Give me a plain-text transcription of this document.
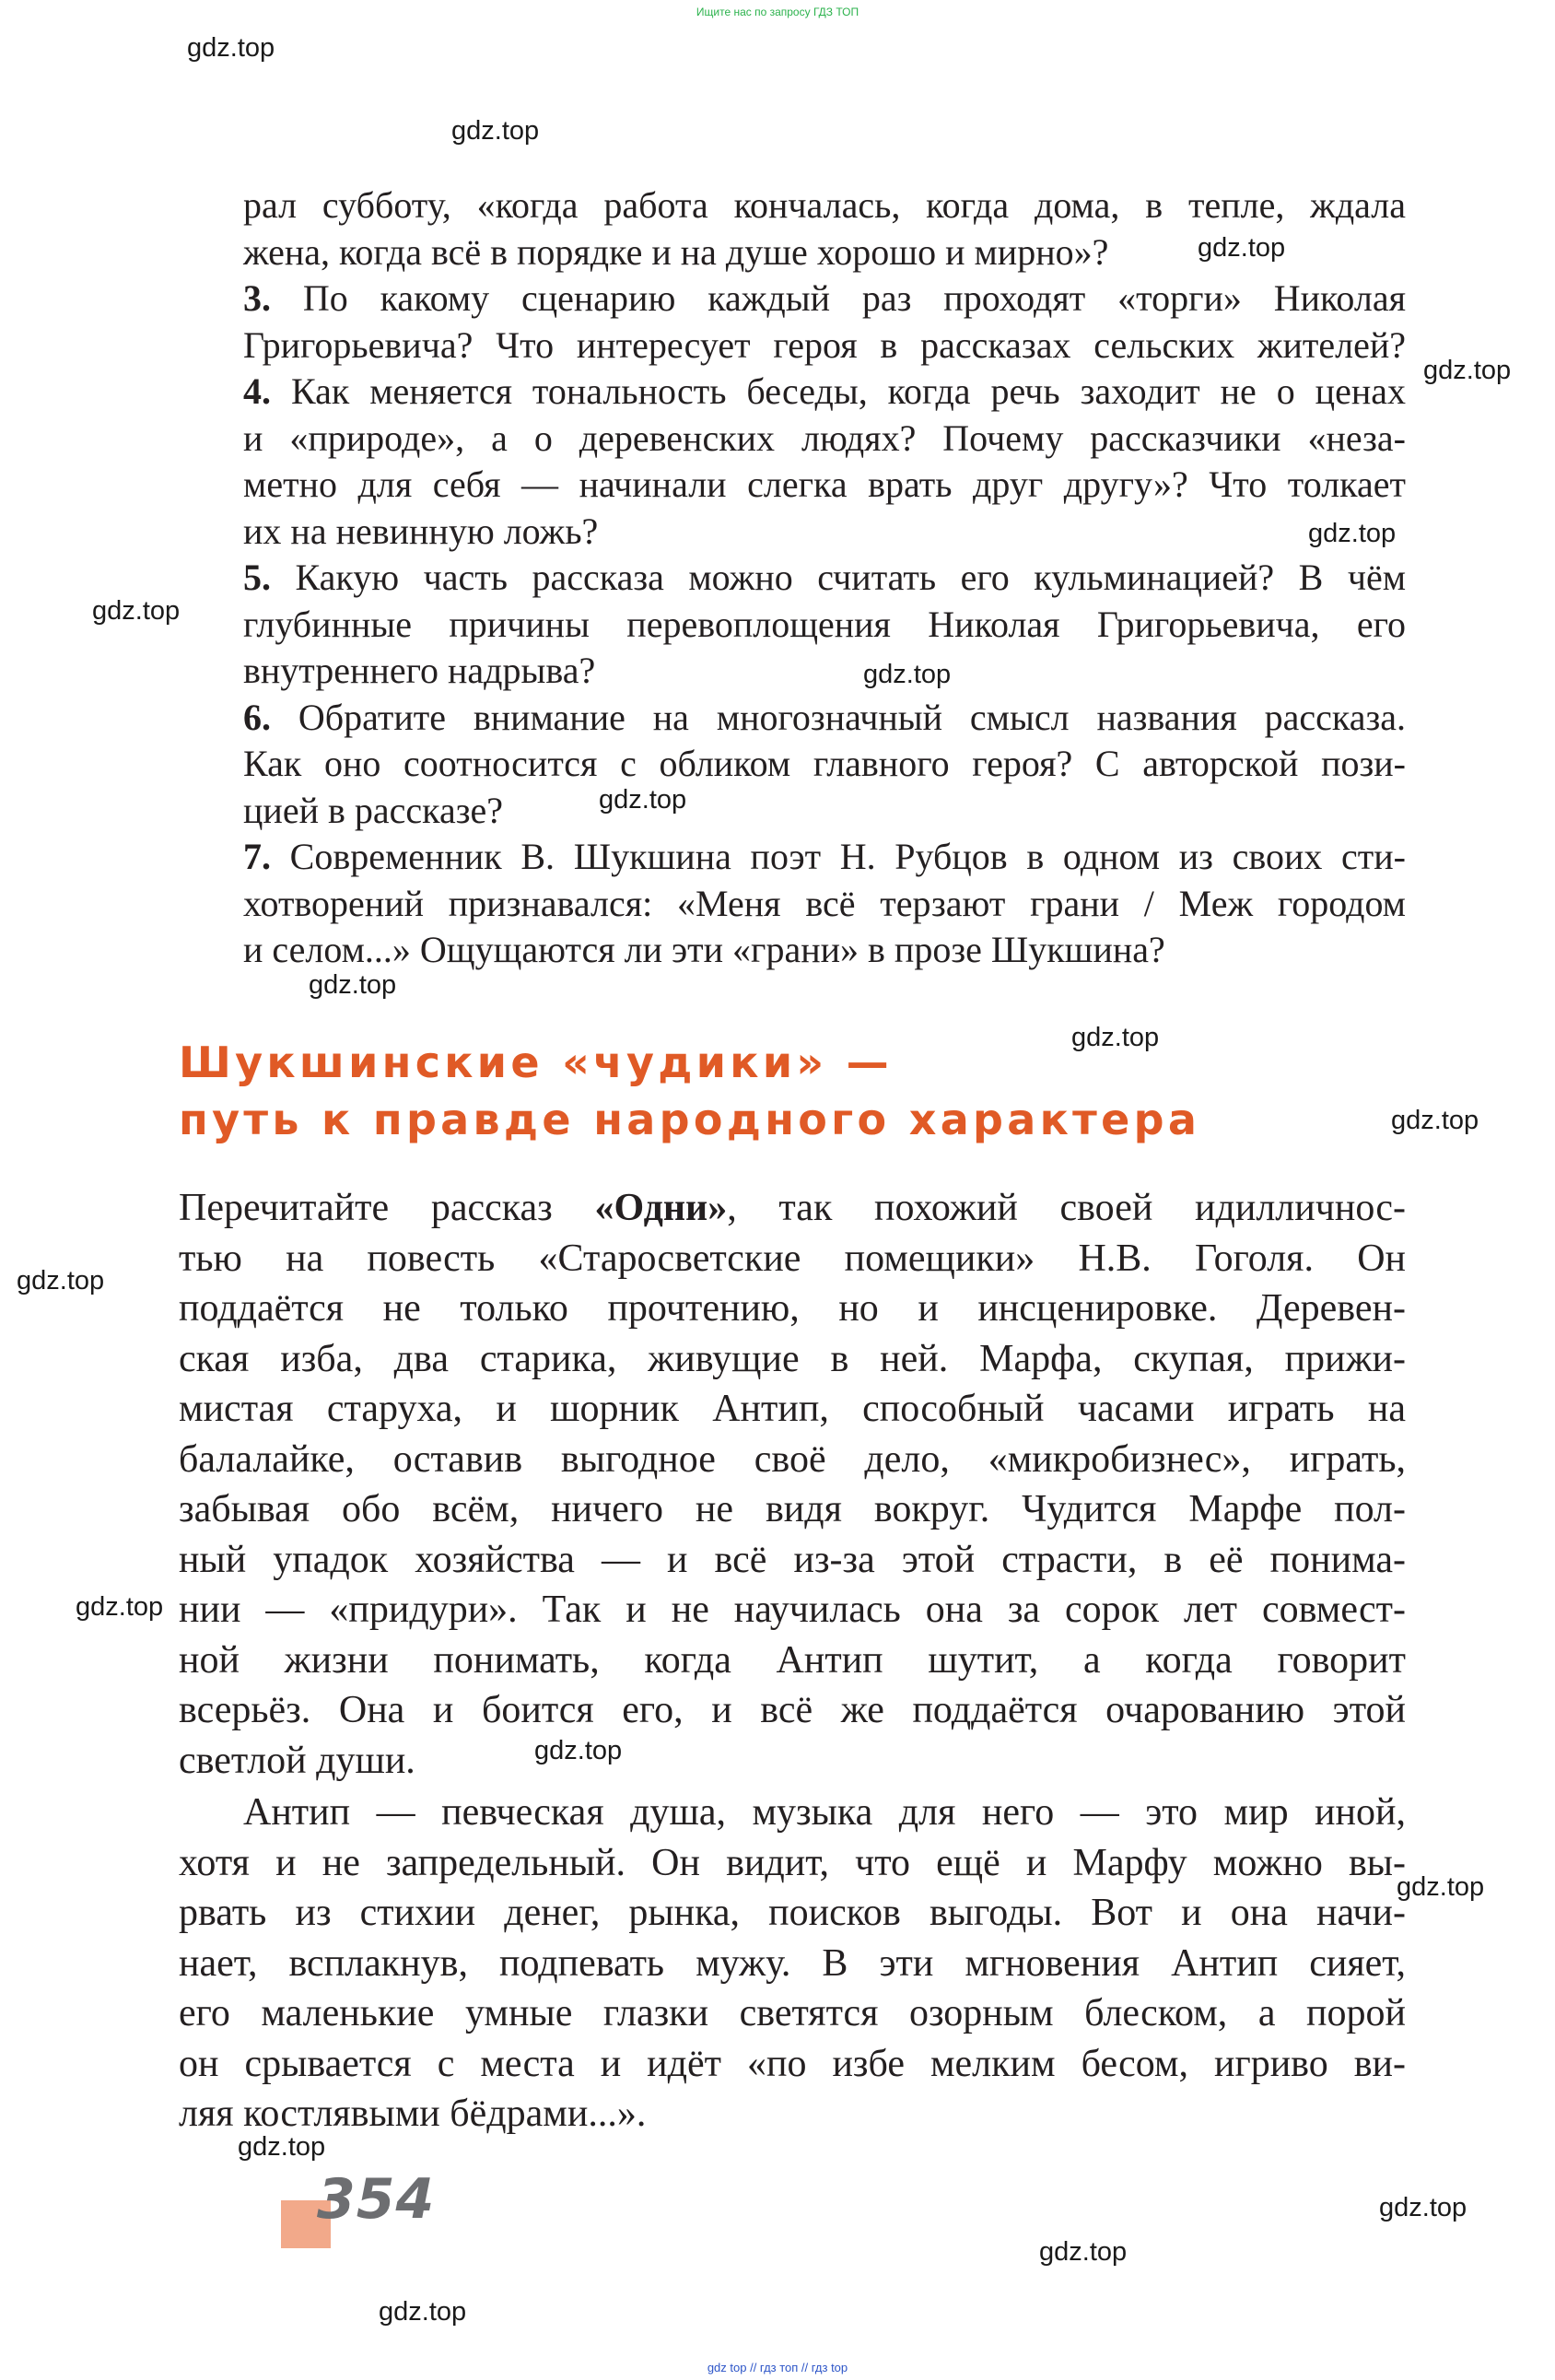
Ищите нас по запросу ГДЗ ТОП
рал субботу, «когда работа кончалась, когда дома, в тепле, ждала
жена, когда всё в порядке и на душе хорошо и мирно»?
3. По какому сценарию каждый раз проходят «торги» Николая
Григорьевича? Что интересует героя в рассказах сельских жителей?
4. Как меняется тональность беседы, когда речь заходит не о ценах
и «природе», а о деревенских людях? Почему рассказчики «неза-
метно для себя — начинали слегка врать друг другу»? Что толкает
их на невинную ложь?
5. Какую часть рассказа можно считать его кульминацией? В чём
глубинные причины перевоплощения Николая Григорьевича, его
внутреннего надрыва?
6. Обратите внимание на многозначный смысл названия рассказа.
Как оно соотносится с обликом главного героя? С авторской пози-
цией в рассказе?
7. Современник В. Шукшина поэт Н. Рубцов в одном из своих сти-
хотворений признавался: «Меня всё терзают грани / Меж городом
и селом...» Ощущаются ли эти «грани» в прозе Шукшина?
Шукшинские «чудики» —
путь к правде народного характера
Перечитайте рассказ «Одни», так похожий своей идилличнос-
тью на повесть «Старосветские помещики» Н.В. Гоголя. Он
поддаётся не только прочтению, но и инсценировке. Деревен-
ская изба, два старика, живущие в ней. Марфа, скупая, прижи-
мистая старуха, и шорник Антип, способный часами играть на
балалайке, оставив выгодное своё дело, «микробизнес», играть,
забывая обо всём, ничего не видя вокруг. Чудится Марфе пол-
ный упадок хозяйства — и всё из-за этой страсти, в её понима-
нии — «придури». Так и не научилась она за сорок лет совмест-
ной жизни понимать, когда Антип шутит, а когда говорит
всерьёз. Она и боится его, и всё же поддаётся очарованию этой
светлой души.
Антип — певческая душа, музыка для него — это мир иной,
хотя и не запредельный. Он видит, что ещё и Марфу можно вы-
рвать из стихии денег, рынка, поисков выгоды. Вот и она начи-
нает, всплакнув, подпевать мужу. В эти мгновения Антип сияет,
его маленькие умные глазки светятся озорным блеском, а порой
он срывается с места и идёт «по избе мелким бесом, игриво ви-
ляя костлявыми бёдрами...».
354
gdz.top
gdz.top
gdz.top
gdz.top
gdz.top
gdz.top
gdz.top
gdz.top
gdz.top
gdz.top
gdz.top
gdz.top
gdz.top
gdz.top
gdz.top
gdz.top
gdz.top
gdz.top
gdz.top
gdz top // гдз топ // гдз top
